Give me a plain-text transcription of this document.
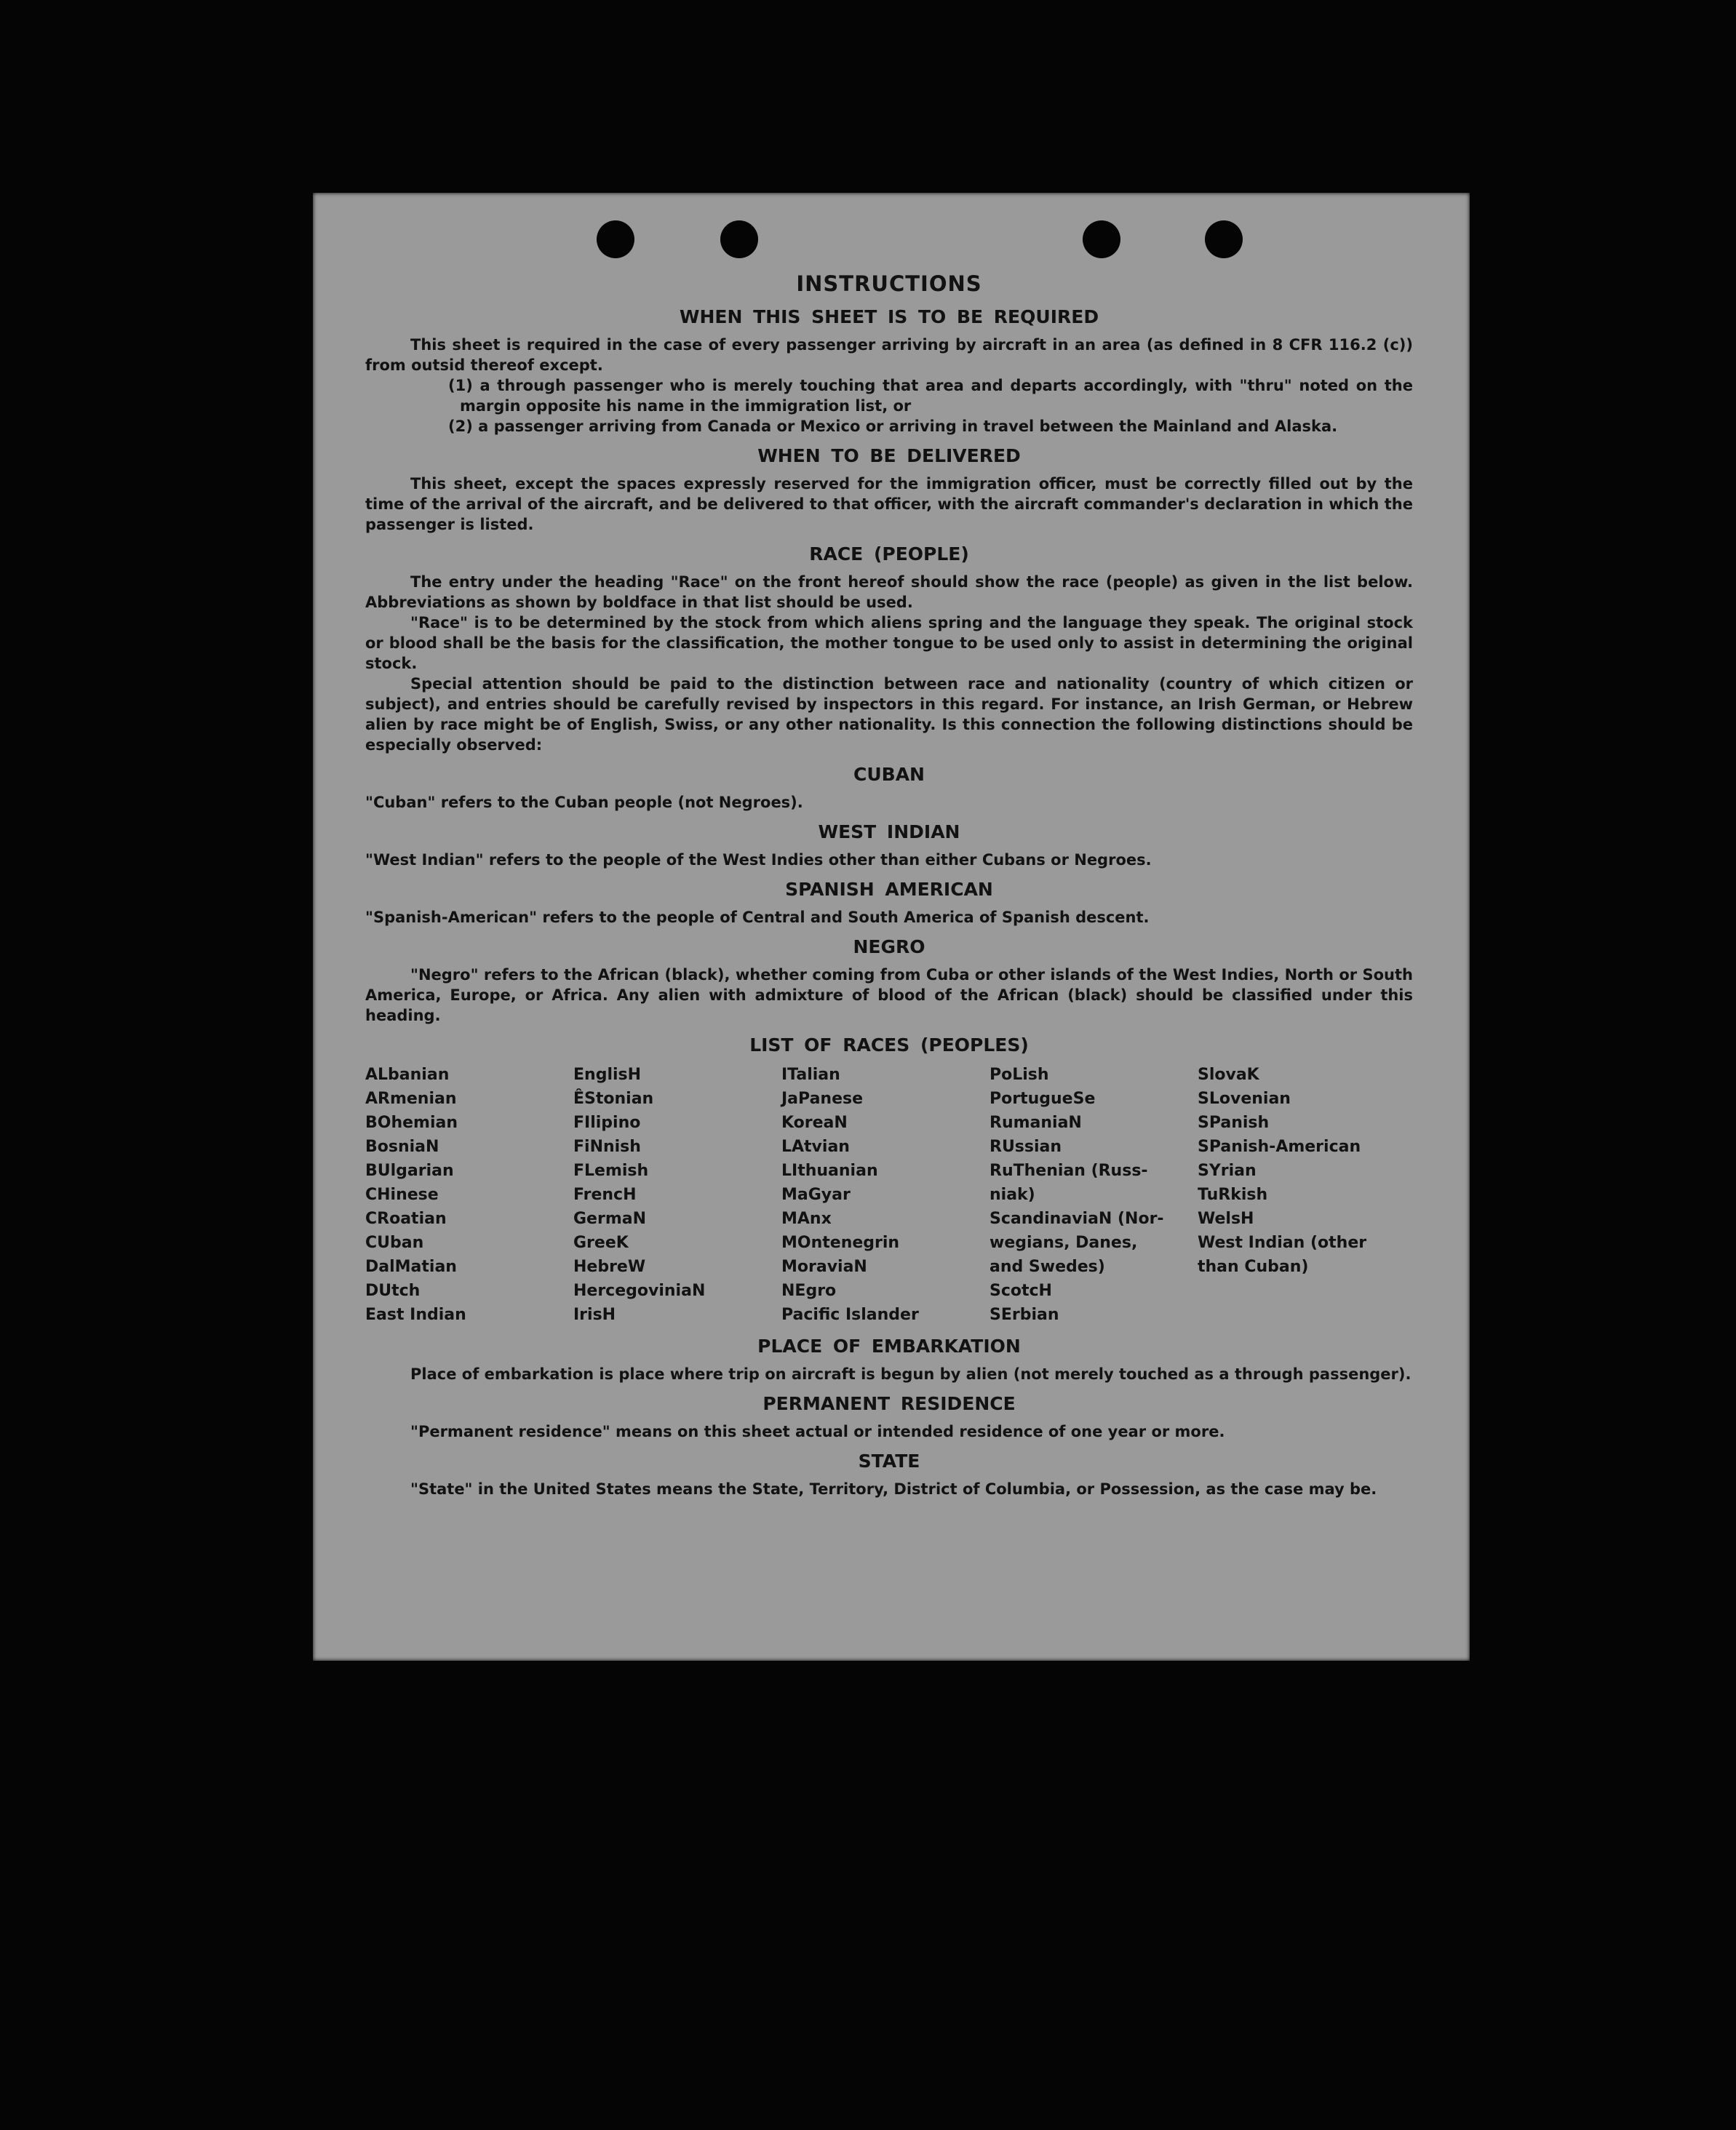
INSTRUCTIONS
WHEN THIS SHEET IS TO BE REQUIRED

This sheet is required in the case of every passenger arriving by aircraft in an area (as defined in 8 CFR 116.2 (c)) from outsid thereof except.

(1) a through passenger who is merely touching that area and departs accordingly, with "thru" noted on the margin opposite his name in the immigration list, or

(2) a passenger arriving from Canada or Mexico or arriving in travel between the Mainland and Alaska.

WHEN TO BE DELIVERED

This sheet, except the spaces expressly reserved for the immigration officer, must be correctly filled out by the time of the arrival of the aircraft, and be delivered to that officer, with the aircraft commander's declaration in which the passenger is listed.

RACE (PEOPLE)

The entry under the heading "Race" on the front hereof should show the race (people) as given in the list below. Abbreviations as shown by boldface in that list should be used.

"Race" is to be determined by the stock from which aliens spring and the language they speak. The original stock or blood shall be the basis for the classification, the mother tongue to be used only to assist in determining the original stock.

Special attention should be paid to the distinction between race and nationality (country of which citizen or subject), and entries should be carefully revised by inspectors in this regard. For instance, an Irish German, or Hebrew alien by race might be of English, Swiss, or any other nationality. Is this connection the following distinctions should be especially observed:

CUBAN

"Cuban" refers to the Cuban people (not Negroes).

WEST INDIAN

"West Indian" refers to the people of the West Indies other than either Cubans or Negroes.

SPANISH AMERICAN

"Spanish-American" refers to the people of Central and South America of Spanish descent.

NEGRO

"Negro" refers to the African (black), whether coming from Cuba or other islands of the West Indies, North or South America, Europe, or Africa. Any alien with admixture of blood of the African (black) should be classified under this heading.

LIST OF RACES (PEOPLES)
ALbanian
ARmenian
BOhemian
BosniaN
BUlgarian
CHinese
CRoatian
CUban
DalMatian
DUtch
East Indian
EnglisH
ÊStonian
FIlipino
FiNnish
FLemish
FrencH
GermaN
GreeK
HebreW
HercegoviniaN
IrisH
ITalian
JaPanese
KoreaN
LAtvian
LIthuanian
MaGyar
MAnx
MOntenegrin
MoraviaN
NEgro
Pacific Islander
PoLish
PortugueSe
RumaniaN
RUssian
RuThenian (Russ-
niak)
ScandinaviaN (Nor-
wegians, Danes,
and Swedes)
ScotcH
SErbian
SlovaK
SLovenian
SPanish
SPanish-American
SYrian
TuRkish
WelsH
West Indian (other
than Cuban)
PLACE OF EMBARKATION

Place of embarkation is place where trip on aircraft is begun by alien (not merely touched as a through passenger).

PERMANENT RESIDENCE

"Permanent residence" means on this sheet actual or intended residence of one year or more.

STATE

"State" in the United States means the State, Territory, District of Columbia, or Possession, as the case may be.
